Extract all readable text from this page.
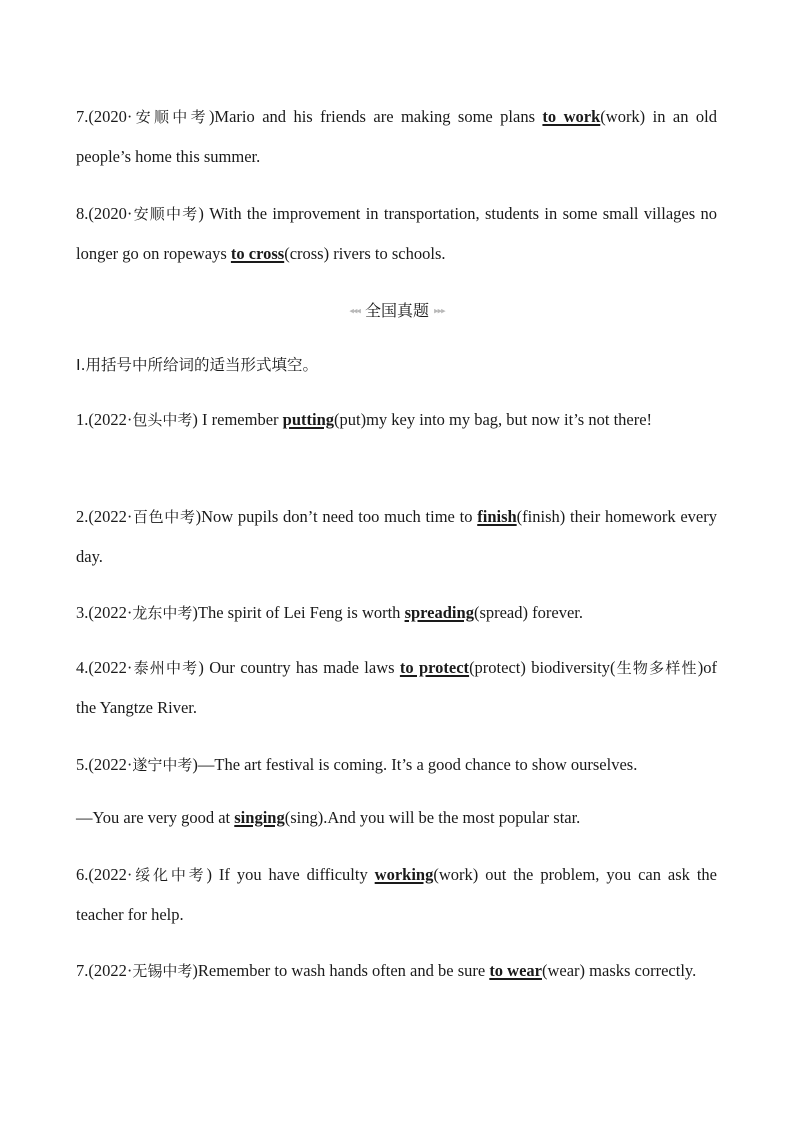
7.(2020·安顺中考)Mario and his friends are making some plans to work(work) in an old people’s home this summer.

8.(2020·安顺中考) With the improvement in transportation, students in some small villages no longer go on ropeways to cross(cross) rivers to schools.

◂◂◂ 全国真题 ▸▸▸
Ⅰ.用括号中所给词的适当形式填空。

1.(2022·包头中考) I remember putting(put)my key into my bag, but now it’s not there!

2.(2022·百色中考)Now pupils don’t need too much time to finish(finish) their homework every day.

3.(2022·龙东中考)The spirit of Lei Feng is worth spreading(spread) forever.

4.(2022·泰州中考) Our country has made laws to protect(protect) biodiversity(生物多样性)of the Yangtze River.

5.(2022·遂宁中考)—The art festival is coming. It’s a good chance to show ourselves.

—You are very good at singing(sing).And you will be the most popular star.

6.(2022·绥化中考) If you have difficulty working(work) out the problem, you can ask the teacher for help.

7.(2022·无锡中考)Remember to wash hands often and be sure to wear(wear) masks correctly.
